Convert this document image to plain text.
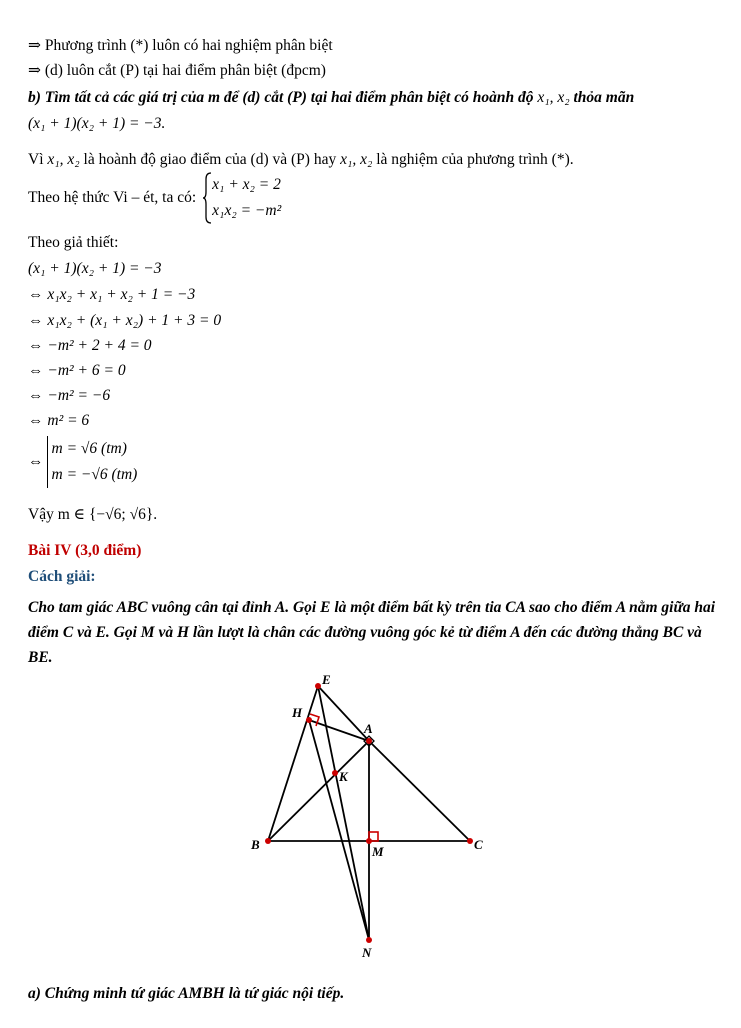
⇒ Phương trình (*) luôn có hai nghiệm phân biệt
⇒ (d) luôn cắt (P) tại hai điểm phân biệt (đpcm)
b) Tìm tất cả các giá trị của m để (d) cắt (P) tại hai điểm phân biệt có hoành độ x₁, x₂ thỏa mãn
(x₁ + 1)(x₂ + 1) = −3.
Vì x₁, x₂ là hoành độ giao điểm của (d) và (P) hay x₁, x₂ là nghiệm của phương trình (*).
Theo hệ thức Vi – ét, ta có:
x₁ + x₂ = 2
x₁x₂ = −m²
Theo giả thiết:
(x₁ + 1)(x₂ + 1) = −3
⇔ x₁x₂ + x₁ + x₂ + 1 = −3
⇔ x₁x₂ + (x₁ + x₂) + 1 + 3 = 0
⇔ −m² + 2 + 4 = 0
⇔ −m² + 6 = 0
⇔ −m² = −6
⇔ m² = 6
⇔
m = √6 (tm)
m = −√6 (tm)
Vậy m ∈ {−√6; √6}.
Bài IV (3,0 điểm)
Cách giải:
Cho tam giác ABC vuông cân tại đỉnh A. Gọi E là một điểm bất kỳ trên tia CA sao cho điểm A nằm giữa hai điểm C và E. Gọi M và H lần lượt là chân các đường vuông góc kẻ từ điểm A đến các đường thẳng BC và BE.
E
H
A
K
B	M	C
N
a) Chứng minh tứ giác AMBH là tứ giác nội tiếp.
